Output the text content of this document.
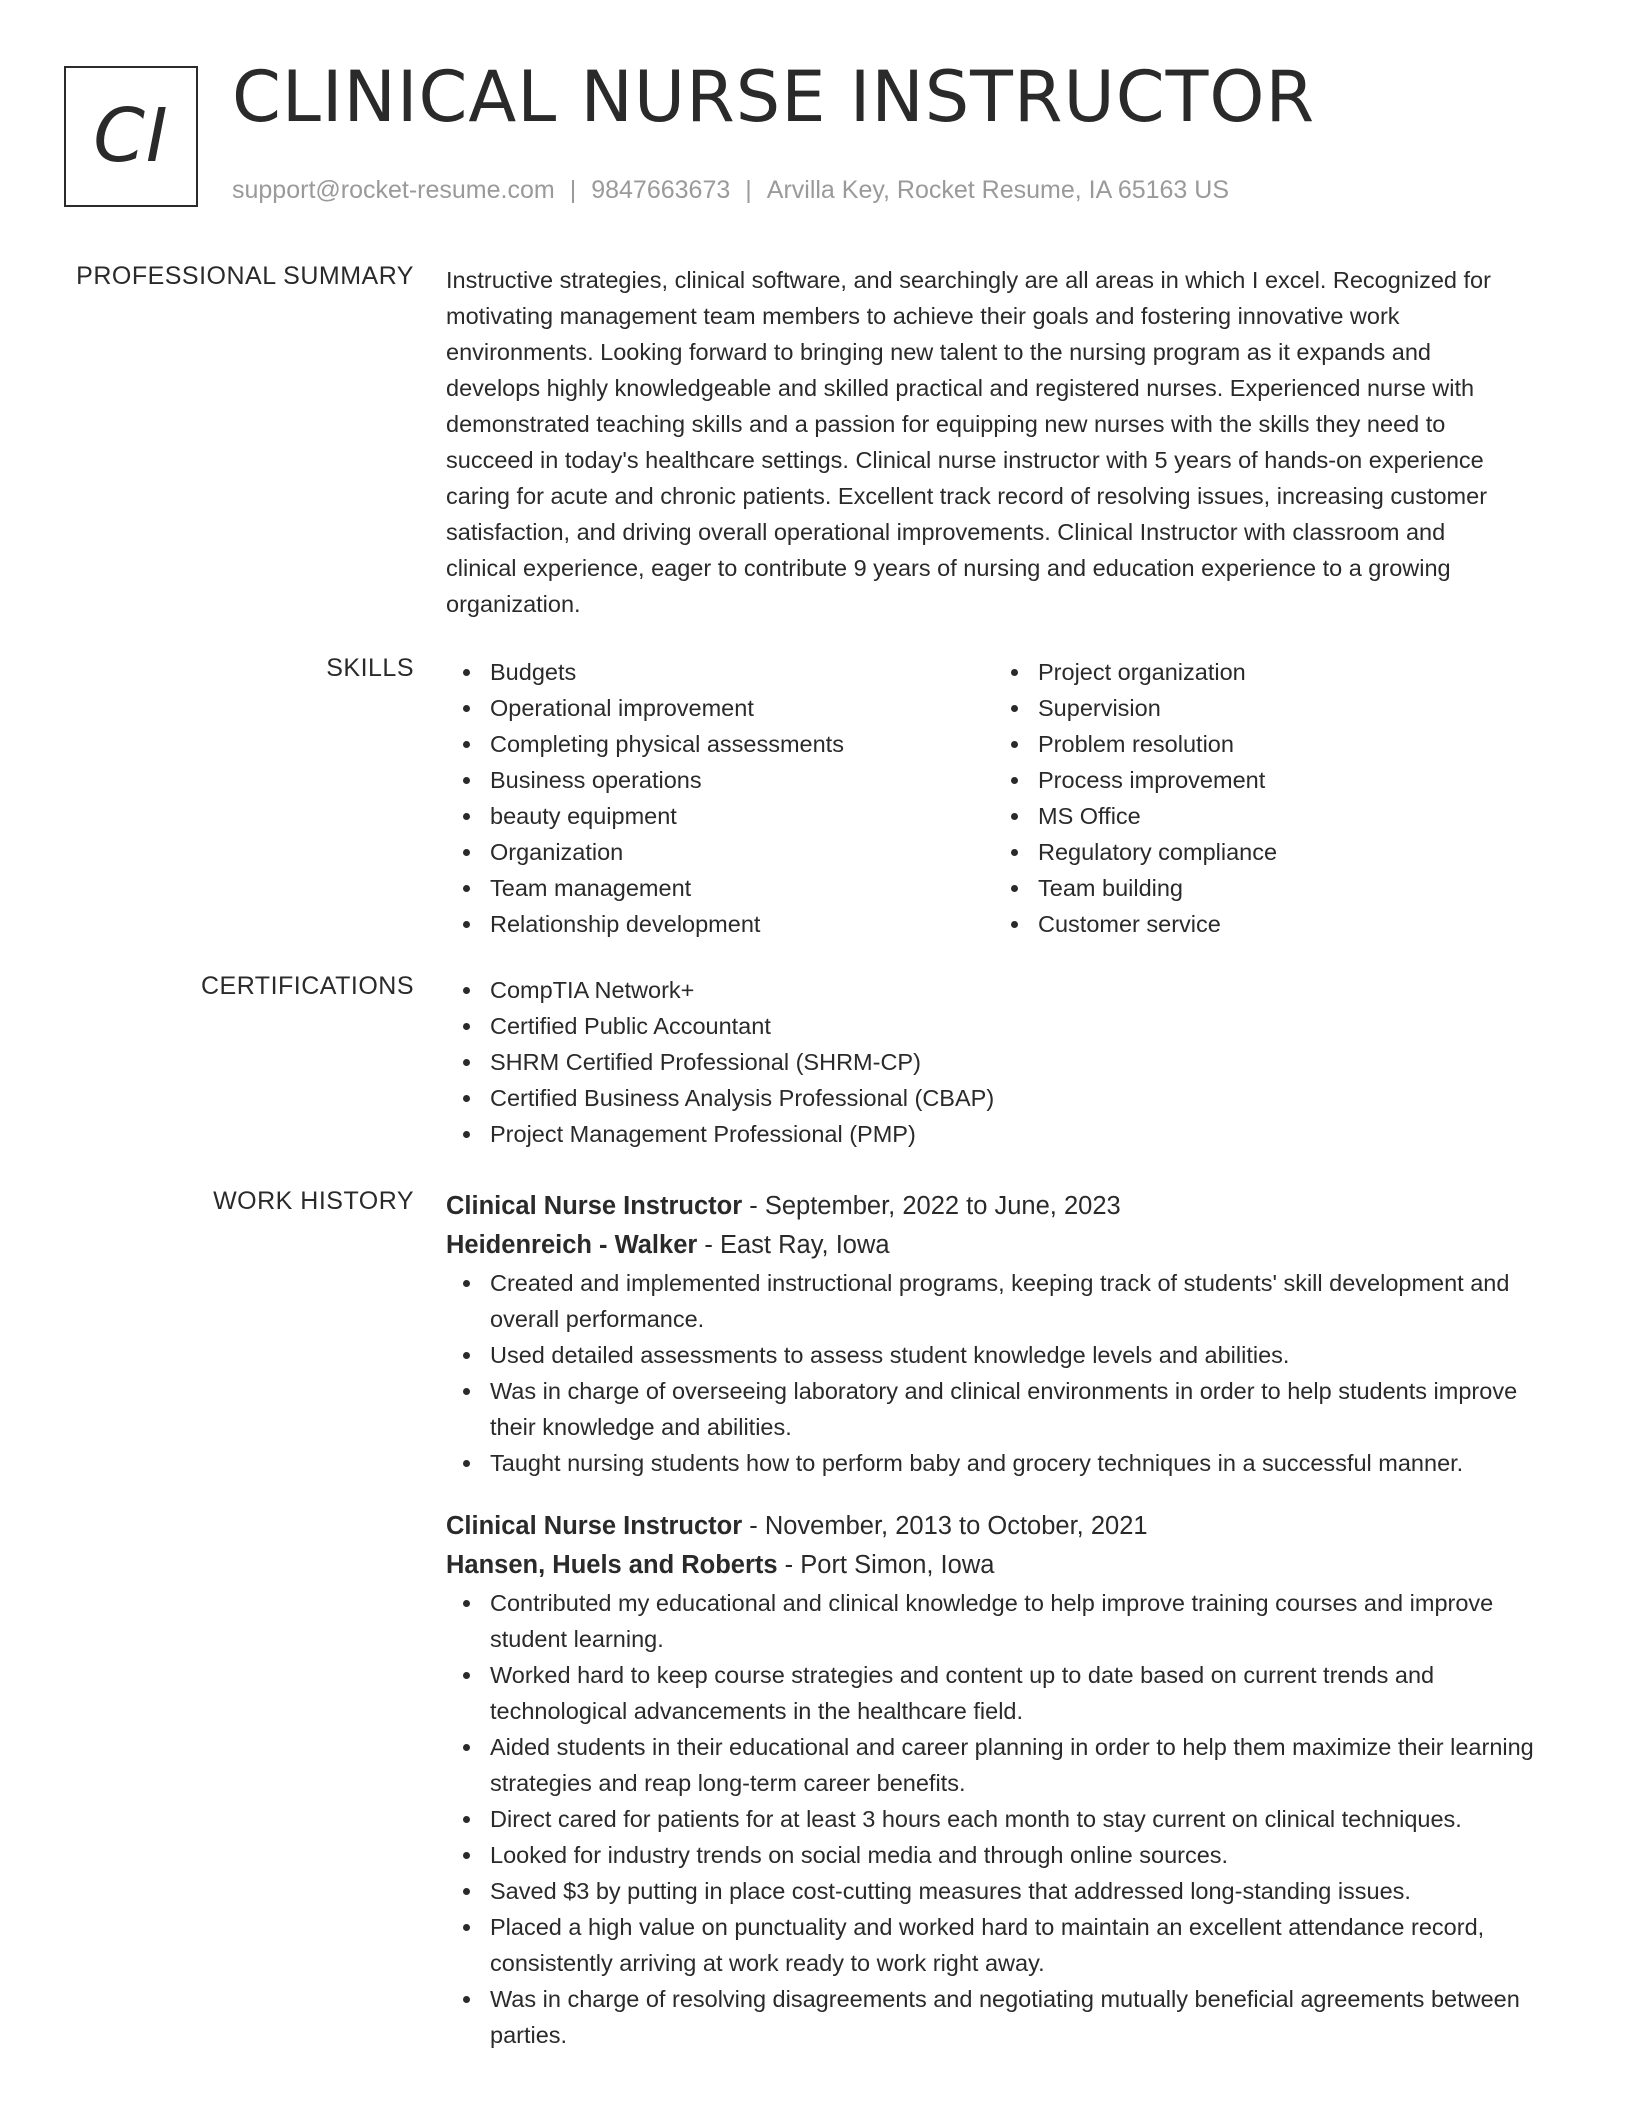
CI CLINICAL NURSE INSTRUCTOR
support@rocket-resume.com | 9847663673 | Arvilla Key, Rocket Resume, IA 65163 US
PROFESSIONAL SUMMARY Instructive strategies, clinical software, and searchingly are all areas in which I excel. Recognized for
motivating management team members to achieve their goals and fostering innovative work
environments. Looking forward to bringing new talent to the nursing program as it expands and
develops highly knowledgeable and skilled practical and registered nurses. Experienced nurse with
demonstrated teaching skills and a passion for equipping new nurses with the skills they need to
succeed in today's healthcare settings. Clinical nurse instructor with 5 years of hands-on experience
caring for acute and chronic patients. Excellent track record of resolving issues, increasing customer
satisfaction, and driving overall operational improvements. Clinical Instructor with classroom and
clinical experience, eager to contribute 9 years of nursing and education experience to a growing
organization.

SKILLS	Budgets
Operational improvement
Completing physical assessments
Business operations
beauty equipment
Organization
Team management
Relationship development
Project organization
Supervision
Problem resolution
Process improvement
MS Office
Regulatory compliance
Team building
Customer service
CERTIFICATIONS	CompTIA Network+
Certified Public Accountant
SHRM Certified Professional (SHRM-CP)
Certified Business Analysis Professional (CBAP)
Project Management Professional (PMP)
WORK HISTORY Clinical Nurse Instructor - September, 2022 to June, 2023
Heidenreich - Walker - East Ray, Iowa
Created and implemented instructional programs, keeping track of students' skill development and overall performance.
Used detailed assessments to assess student knowledge levels and abilities.
Was in charge of overseeing laboratory and clinical environments in order to help students improve their knowledge and abilities.
Taught nursing students how to perform baby and grocery techniques in a successful manner.
Clinical Nurse Instructor - November, 2013 to October, 2021
Hansen, Huels and Roberts - Port Simon, Iowa
Contributed my educational and clinical knowledge to help improve training courses and improve student learning.
Worked hard to keep course strategies and content up to date based on current trends and technological advancements in the healthcare field.
Aided students in their educational and career planning in order to help them maximize their learning strategies and reap long-term career benefits.
Direct cared for patients for at least 3 hours each month to stay current on clinical techniques.
Looked for industry trends on social media and through online sources.
Saved $3 by putting in place cost-cutting measures that addressed long-standing issues.
Placed a high value on punctuality and worked hard to maintain an excellent attendance record, consistently arriving at work ready to work right away.
Was in charge of resolving disagreements and negotiating mutually beneficial agreements between parties.
